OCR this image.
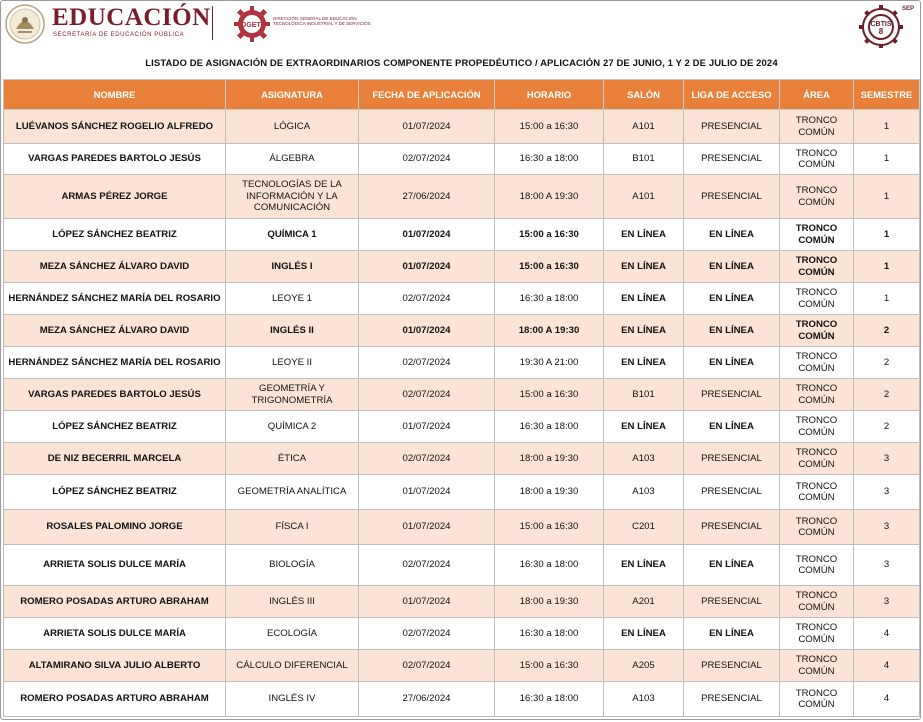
EDUCACIÓN
SECRETARÍA DE EDUCACIÓN PÚBLICA
DGETI
DIRECCIÓN GENERAL DE EDUCACIÓN TECNOLÓGICA INDUSTRIAL Y DE SERVICIOS
SEP
CBTIS
8
LISTADO DE ASIGNACIÓN DE EXTRAORDINARIOS COMPONENTE PROPEDÉUTICO / APLICACIÓN 27 DE JUNIO, 1 Y 2 DE JULIO DE 2024
NOMBRE	ASIGNATURA	FECHA DE APLICACIÓN	HORARIO	SALÓN	LIGA DE ACCESO	ÁREA	SEMESTRE
LUÉVANOS SÁNCHEZ ROGELIO ALFREDO	LÓGICA	01/07/2024	15:00 a 16:30	A101	PRESENCIAL	TRONCO COMÚN	1
VARGAS PAREDES BARTOLO JESÚS	ÁLGEBRA	02/07/2024	16:30 a 18:00	B101	PRESENCIAL	TRONCO COMÚN	1
ARMAS PÉREZ JORGE	TECNOLOGÍAS DE LA INFORMACIÓN Y LA COMUNICACIÓN	27/06/2024	18:00 A 19:30	A101	PRESENCIAL	TRONCO COMÚN	1
LÓPEZ SÁNCHEZ BEATRIZ	QUÍMICA 1	01/07/2024	15:00 a 16:30	EN LÍNEA	EN LÍNEA	TRONCO COMÚN	1
MEZA SÁNCHEZ ÁLVARO DAVID	INGLÉS I	01/07/2024	15:00 a 16:30	EN LÍNEA	EN LÍNEA	TRONCO COMÚN	1
HERNÁNDEZ SÁNCHEZ MARÍA DEL ROSARIO	LEOYE 1	02/07/2024	16:30 a 18:00	EN LÍNEA	EN LÍNEA	TRONCO COMÚN	1
MEZA SÁNCHEZ ÁLVARO DAVID	INGLÉS II	01/07/2024	18:00 A 19:30	EN LÍNEA	EN LÍNEA	TRONCO COMÚN	2
HERNÁNDEZ SÁNCHEZ MARÍA DEL ROSARIO	LEOYE II	02/07/2024	19:30 A 21:00	EN LÍNEA	EN LÍNEA	TRONCO COMÚN	2
VARGAS PAREDES BARTOLO JESÚS	GEOMETRÍA Y TRIGONOMETRÍA	02/07/2024	15:00 a 16:30	B101	PRESENCIAL	TRONCO COMÚN	2
LÓPEZ SÁNCHEZ BEATRIZ	QUÍMICA 2	01/07/2024	16:30 a 18:00	EN LÍNEA	EN LÍNEA	TRONCO COMÚN	2
DE NIZ BECERRIL MARCELA	ÉTICA	02/07/2024	18:00 a 19:30	A103	PRESENCIAL	TRONCO COMÚN	3
LÓPEZ SÁNCHEZ BEATRIZ	GEOMETRÍA ANALÍTICA	01/07/2024	18:00 a 19:30	A103	PRESENCIAL	TRONCO COMÚN	3
ROSALES PALOMINO JORGE	FÍSCA I	01/07/2024	15:00 a 16:30	C201	PRESENCIAL	TRONCO COMÚN	3
ARRIETA SOLIS DULCE MARÍA	BIOLOGÍA	02/07/2024	16:30 a 18:00	EN LÍNEA	EN LÍNEA	TRONCO COMÚN	3
ROMERO POSADAS ARTURO ABRAHAM	INGLÉS III	01/07/2024	18:00 a 19:30	A201	PRESENCIAL	TRONCO COMÚN	3
ARRIETA SOLIS DULCE MARÍA	ECOLOGÍA	02/07/2024	16:30 a 18:00	EN LÍNEA	EN LÍNEA	TRONCO COMÚN	4
ALTAMIRANO SILVA JULIO ALBERTO	CÁLCULO DIFERENCIAL	02/07/2024	15:00 a 16:30	A205	PRESENCIAL	TRONCO COMÚN	4
ROMERO POSADAS ARTURO ABRAHAM	INGLÉS IV	27/06/2024	16:30 a 18:00	A103	PRESENCIAL	TRONCO COMÚN	4
